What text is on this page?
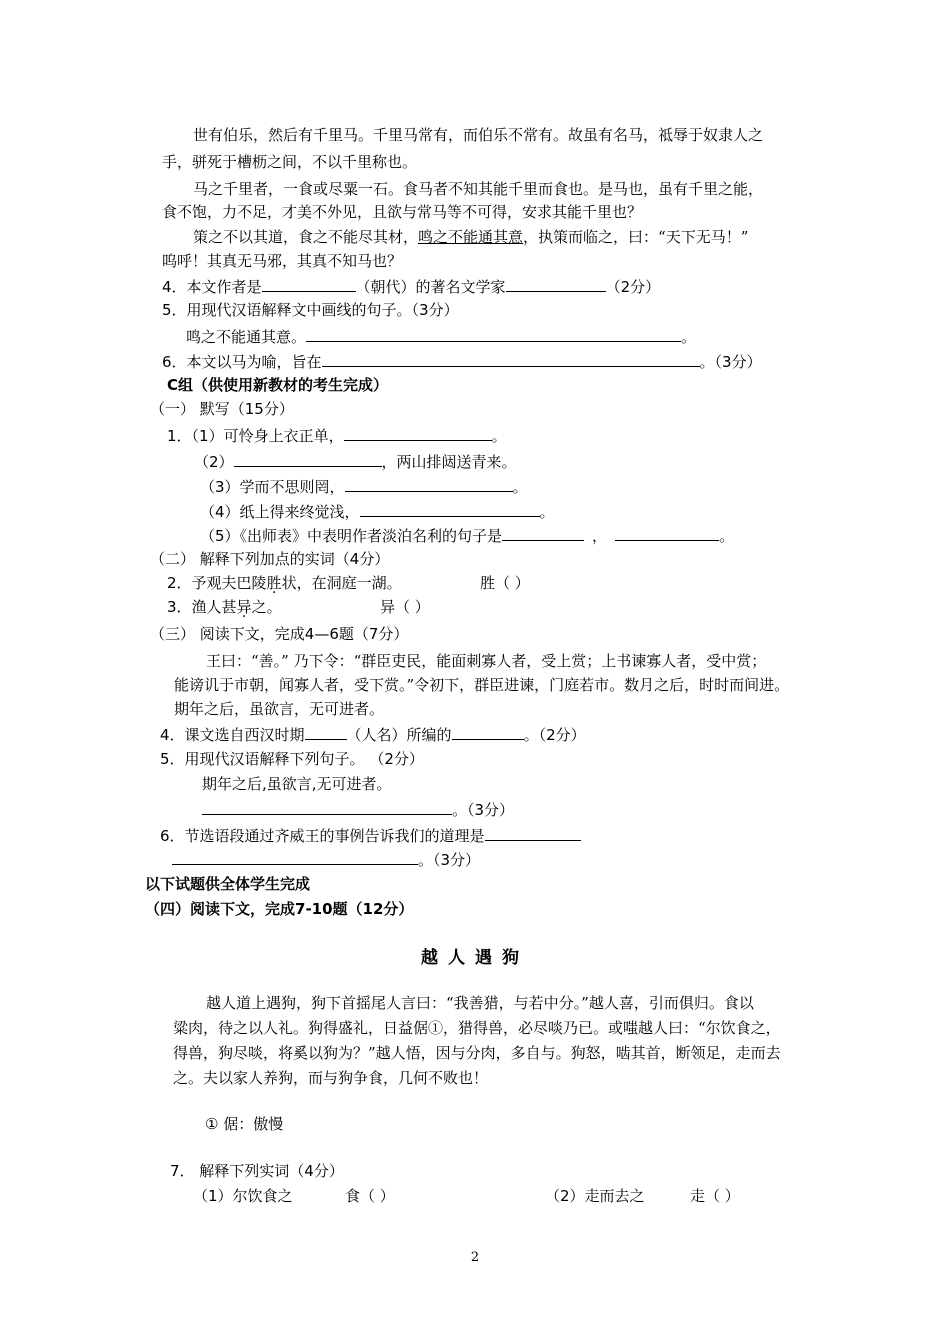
世有伯乐，然后有千里马。千里马常有，而伯乐不常有。故虽有名马，祗辱于奴隶人之
手，骈死于槽枥之间，不以千里称也。
马之千里者，一食或尽粟一石。食马者不知其能千里而食也。是马也，虽有千里之能，
食不饱，力不足，才美不外见，且欲与常马等不可得，安求其能千里也？
策之不以其道，食之不能尽其材，鸣之不能通其意，执策而临之，曰：“天下无马！”
呜呼！其真无马邪，其真不知马也？
4．本文作者是	（朝代）的著名文学家	（2分）
5．用现代汉语解释文中画线的句子。（3分）
鸣之不能通其意。	。
6．本文以马为喻，旨在	。（3分）
C组（供使用新教材的考生完成）
（一） 默写（15分）
1．（1）可怜身上衣正单，	。
（2）	，两山排闼送青来。
（3）学而不思则罔，	。
（4）纸上得来终觉浅，	。
（5）《出师表》中表明作者淡泊名利的句子是	，	。
（二） 解释下列加点的实词（4分）
2．予观夫巴陵胜状，在洞庭一湖。	胜（ ）
3．渔人甚异之。	异（ ）
（三） 阅读下文，完成4—6题（7分）
王曰：“善。” 乃下令：“群臣吏民，能面刺寡人者，受上赏；上书谏寡人者，受中赏；
能谤讥于市朝，闻寡人者，受下赏。”令初下，群臣进谏，门庭若市。数月之后，时时而间进。
期年之后，虽欲言，无可进者。
4．课文选自西汉时期	（人名）所编的	。（2分）
5．用现代汉语解释下列句子。 （2分）
期年之后,虽欲言,无可进者。
。（3分）
6．节选语段通过齐威王的事例告诉我们的道理是
。（3分）
以下试题供全体学生完成
（四）阅读下文，完成7-10题（12分）
越人遇狗
越人道上遇狗，狗下首摇尾人言曰：“我善猎，与若中分。”越人喜，引而俱归。食以
粱肉，待之以人礼。狗得盛礼，日益倨①，猎得兽，必尽啖乃已。或嗤越人曰：“尔饮食之，
得兽，狗尽啖，将奚以狗为？”越人悟，因与分肉，多自与。狗怒，啮其首，断领足，走而去
之。夫以家人养狗，而与狗争食，几何不败也！
① 倨：傲慢
7． 解释下列实词（4分）
（1）尔饮食之	食（ ）	（2）走而去之	走（ ）
2
